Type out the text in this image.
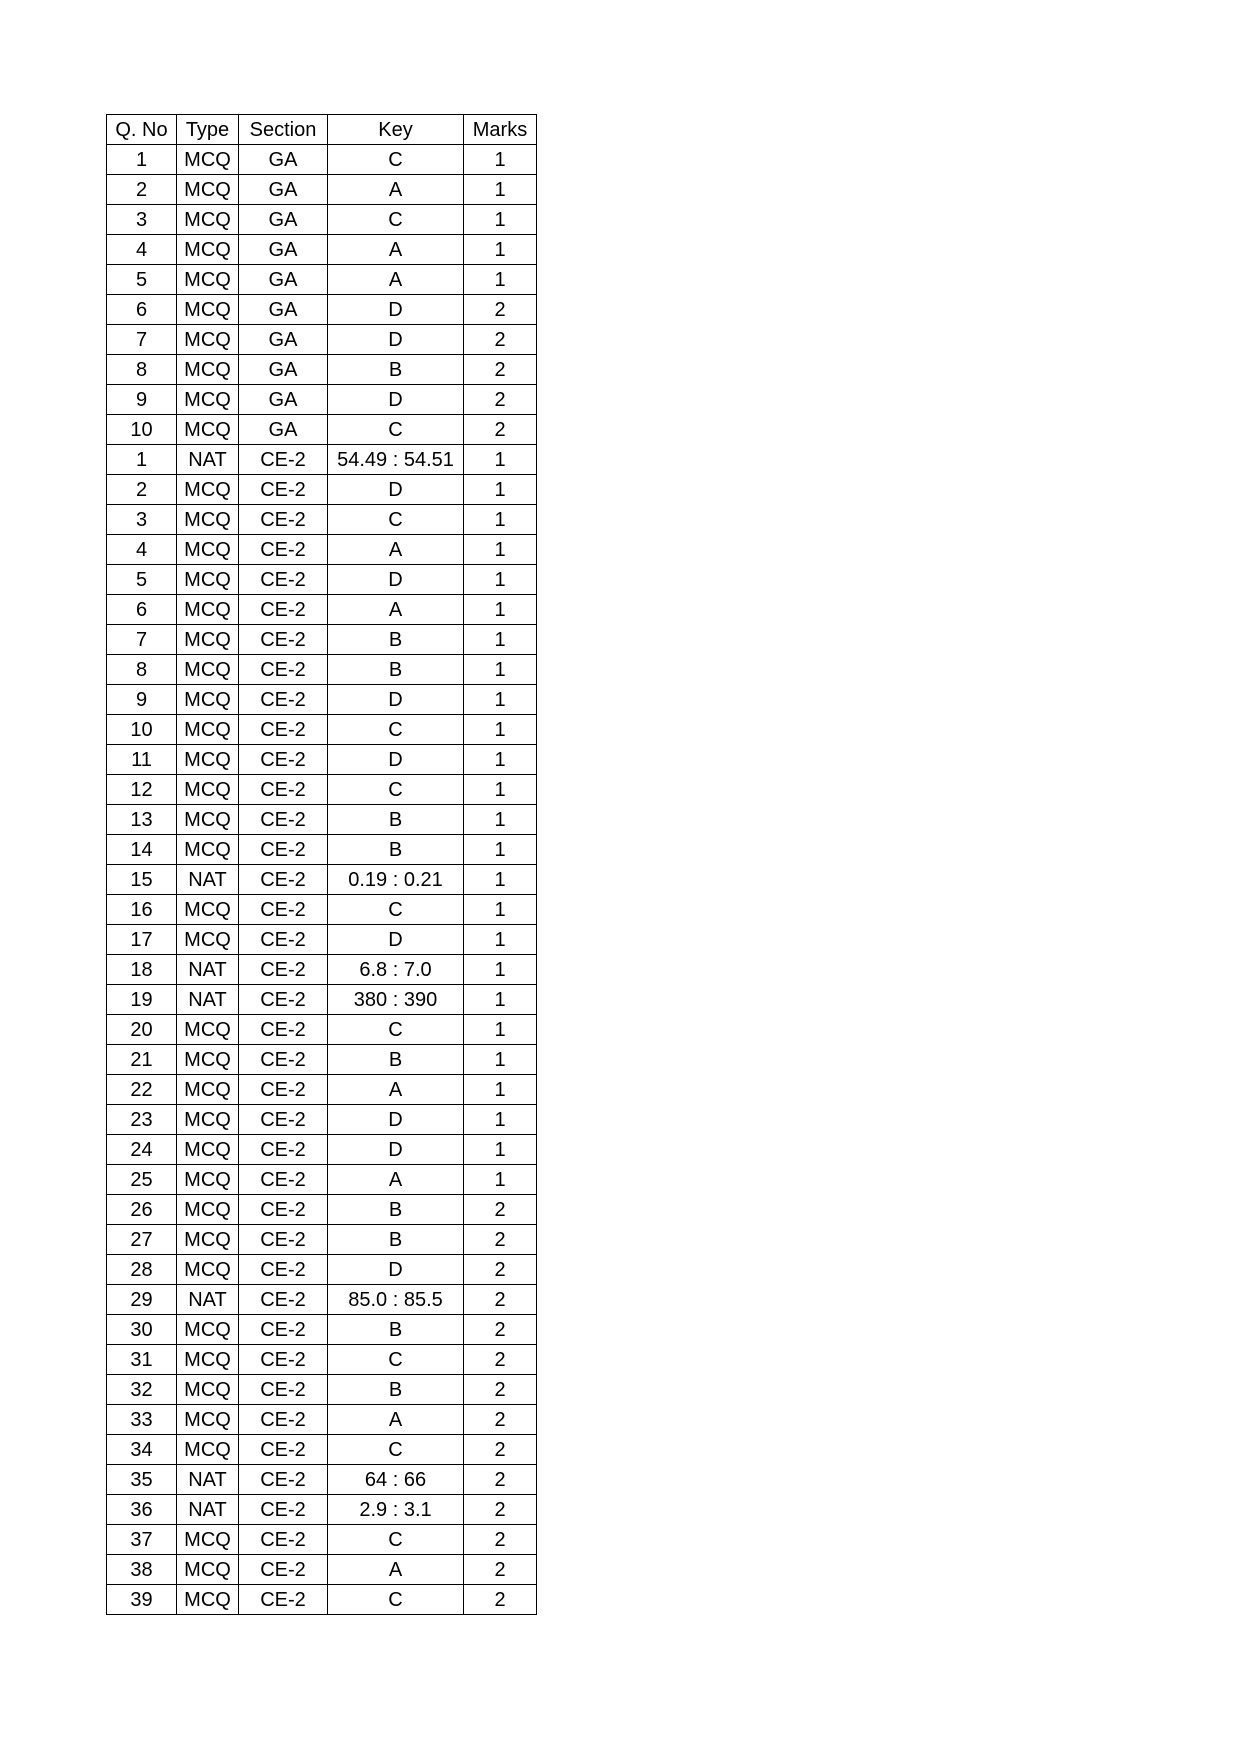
Q. No	Type	Section	Key	Marks
1	MCQ	GA	C	1
2	MCQ	GA	A	1
3	MCQ	GA	C	1
4	MCQ	GA	A	1
5	MCQ	GA	A	1
6	MCQ	GA	D	2
7	MCQ	GA	D	2
8	MCQ	GA	B	2
9	MCQ	GA	D	2
10	MCQ	GA	C	2
1	NAT	CE-2	54.49 : 54.51	1
2	MCQ	CE-2	D	1
3	MCQ	CE-2	C	1
4	MCQ	CE-2	A	1
5	MCQ	CE-2	D	1
6	MCQ	CE-2	A	1
7	MCQ	CE-2	B	1
8	MCQ	CE-2	B	1
9	MCQ	CE-2	D	1
10	MCQ	CE-2	C	1
11	MCQ	CE-2	D	1
12	MCQ	CE-2	C	1
13	MCQ	CE-2	B	1
14	MCQ	CE-2	B	1
15	NAT	CE-2	0.19 : 0.21	1
16	MCQ	CE-2	C	1
17	MCQ	CE-2	D	1
18	NAT	CE-2	6.8 : 7.0	1
19	NAT	CE-2	380 : 390	1
20	MCQ	CE-2	C	1
21	MCQ	CE-2	B	1
22	MCQ	CE-2	A	1
23	MCQ	CE-2	D	1
24	MCQ	CE-2	D	1
25	MCQ	CE-2	A	1
26	MCQ	CE-2	B	2
27	MCQ	CE-2	B	2
28	MCQ	CE-2	D	2
29	NAT	CE-2	85.0 : 85.5	2
30	MCQ	CE-2	B	2
31	MCQ	CE-2	C	2
32	MCQ	CE-2	B	2
33	MCQ	CE-2	A	2
34	MCQ	CE-2	C	2
35	NAT	CE-2	64 : 66	2
36	NAT	CE-2	2.9 : 3.1	2
37	MCQ	CE-2	C	2
38	MCQ	CE-2	A	2
39	MCQ	CE-2	C	2
